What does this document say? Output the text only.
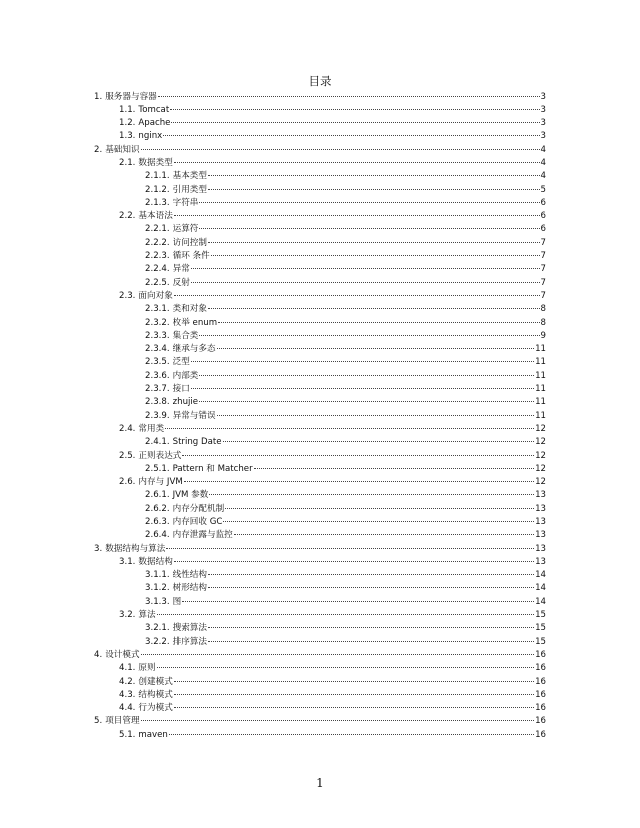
目录
1. 服务器与容器	3
1.1. Tomcat	3
1.2. Apache	3
1.3. nginx	3
2. 基础知识	4
2.1. 数据类型	4
2.1.1. 基本类型	4
2.1.2. 引用类型	5
2.1.3. 字符串	6
2.2. 基本语法	6
2.2.1. 运算符	6
2.2.2. 访问控制	7
2.2.3. 循环 条件	7
2.2.4. 异常	7
2.2.5. 反射	7
2.3. 面向对象	7
2.3.1. 类和对象	8
2.3.2. 枚举 enum	8
2.3.3. 集合类	9
2.3.4. 继承与多态	11
2.3.5. 泛型	11
2.3.6. 内部类	11
2.3.7. 接口	11
2.3.8. zhujie	11
2.3.9. 异常与错误	11
2.4. 常用类	12
2.4.1. String Date	12
2.5. 正则表达式	12
2.5.1. Pattern 和 Matcher	12
2.6. 内存与 JVM	12
2.6.1. JVM 参数	13
2.6.2. 内存分配机制	13
2.6.3. 内存回收 GC	13
2.6.4. 内存泄露与监控	13
3. 数据结构与算法	13
3.1. 数据结构	13
3.1.1. 线性结构	14
3.1.2. 树形结构	14
3.1.3. 图	14
3.2. 算法	15
3.2.1. 搜索算法	15
3.2.2. 排序算法	15
4. 设计模式	16
4.1. 原则	16
4.2. 创建模式	16
4.3. 结构模式	16
4.4. 行为模式	16
5. 项目管理	16
5.1. maven	16
1
